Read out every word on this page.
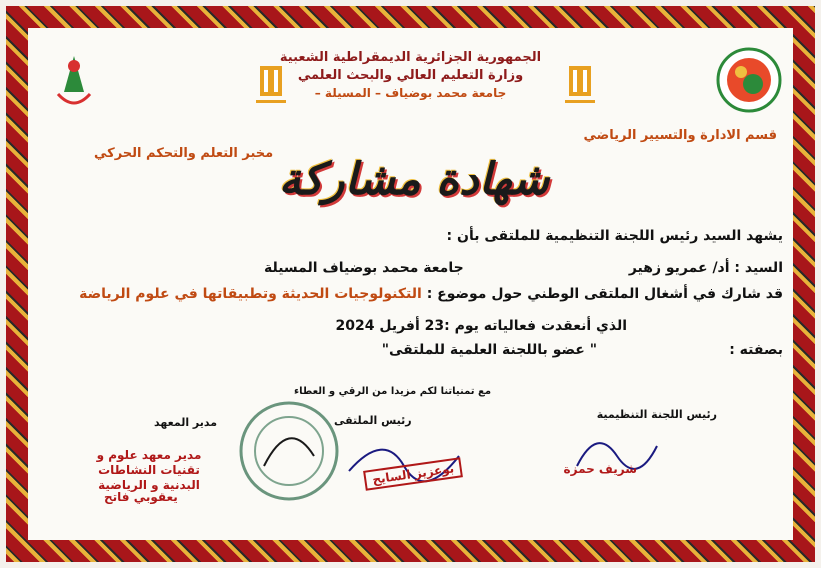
الجمهورية الجزائرية الديمقراطية الشعبية
وزارة التعليم العالي والبحث العلمي
جامعة محمد بوضياف – المسيلة –
قسم الادارة والتسيير الرياضي
مخبر التعلم والتحكم الحركي
شهادة مشاركة
يشهد السيد رئيس اللجنة التنظيمية للملتقى بأن :
السيد : أد/ عمريو زهير
جامعة محمد بوضياف المسيلة
قد شارك في أشغال الملتقى الوطني حول موضوع : التكنولوجيات الحديثة وتطبيقاتها في علوم الرياضة
الذي أنعقدت فعالياته يوم :23 أفريل 2024
بصفته :
" عضو باللجنة العلمية للملتقى"
مع تمنياتنا لكم مزيدا من الرقي و العطاء
رئيس اللجنة التنظيمية
رئيس الملتقى
مدير المعهد
شريف حمزة
بوعزيز السايح
مدير معهد علوم و تقنيات النشاطات البدنية و الرياضية
يعقوبي فاتح
